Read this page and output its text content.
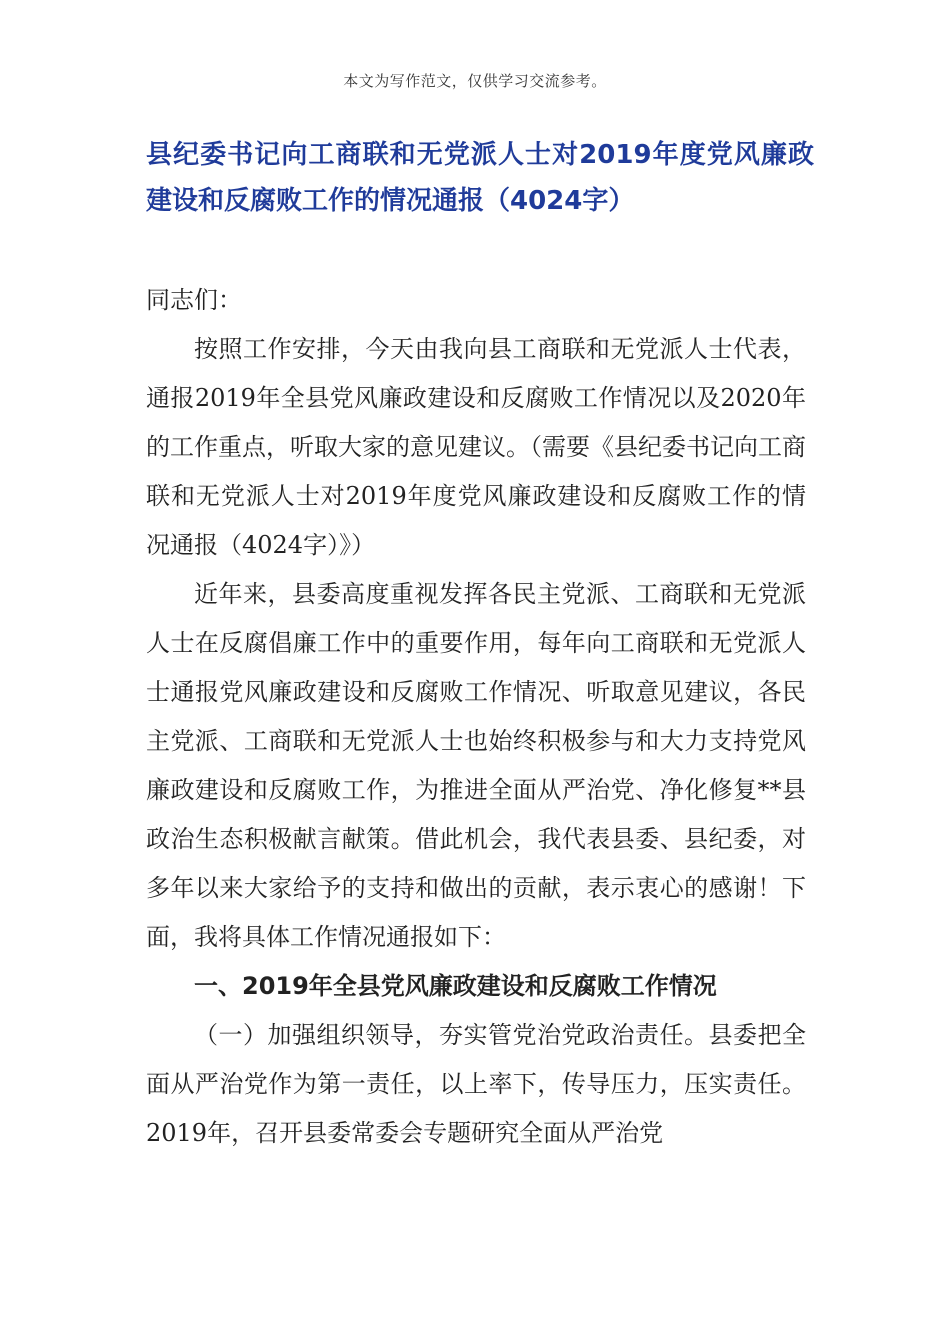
本文为写作范文，仅供学习交流参考。
县纪委书记向工商联和无党派人士对2019年度党风廉政建设和反腐败工作的情况通报（4024字）

同志们：

按照工作安排，今天由我向县工商联和无党派人士代表，通报2019年全县党风廉政建设和反腐败工作情况以及2020年的工作重点，听取大家的意见建议。（需要《县纪委书记向工商联和无党派人士对2019年度党风廉政建设和反腐败工作的情况通报（4024字）》）

近年来，县委高度重视发挥各民主党派、工商联和无党派人士在反腐倡廉工作中的重要作用，每年向工商联和无党派人士通报党风廉政建设和反腐败工作情况、听取意见建议，各民主党派、工商联和无党派人士也始终积极参与和大力支持党风廉政建设和反腐败工作，为推进全面从严治党、净化修复**县政治生态积极献言献策。借此机会，我代表县委、县纪委，对多年以来大家给予的支持和做出的贡献，表示衷心的感谢！下面，我将具体工作情况通报如下：

一、2019年全县党风廉政建设和反腐败工作情况

（一）加强组织领导，夯实管党治党政治责任。县委把全面从严治党作为第一责任，以上率下，传导压力，压实责任。2019年，召开县委常委会专题研究全面从严治党
